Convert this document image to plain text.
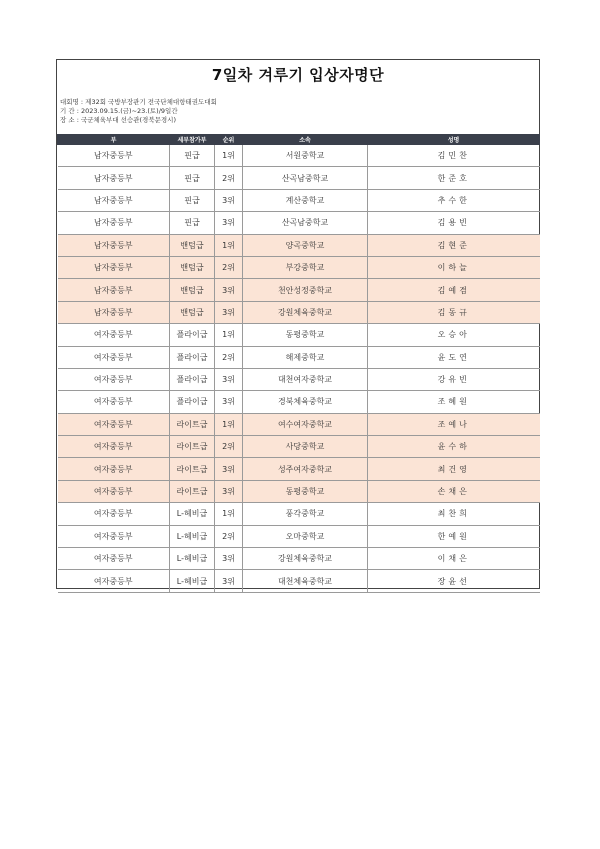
7일차 겨루기 입상자명단
대회명 : 제32회 국방부장관기 전국단체대항태권도대회
기 간 : 2023.09.15.(금)~23.(토)/9일간
장 소 : 국군체육부대 선승관(경북문경시)
부	세부참가부	순위	소속	성명
남자중등부	핀급	1위	서원중학교	김민찬
남자중등부	핀급	2위	산곡남중학교	한준호
남자중등부	핀급	3위	계산중학교	추수한
남자중등부	핀급	3위	산곡남중학교	김용빈
남자중등부	밴텀급	1위	양곡중학교	김현준
남자중등부	밴텀급	2위	부강중학교	이하늘
남자중등부	밴텀급	3위	천안성정중학교	김예겸
남자중등부	밴텀급	3위	강원체육중학교	김동규
여자중등부	플라이급	1위	동평중학교	오승아
여자중등부	플라이급	2위	해제중학교	윤도연
여자중등부	플라이급	3위	대천여자중학교	강유빈
여자중등부	플라이급	3위	경북체육중학교	조혜원
여자중등부	라이트급	1위	여수여자중학교	조예나
여자중등부	라이트급	2위	사당중학교	윤수하
여자중등부	라이트급	3위	성주여자중학교	최건영
여자중등부	라이트급	3위	동평중학교	손채은
여자중등부	L-헤비급	1위	풍각중학교	최찬희
여자중등부	L-헤비급	2위	오마중학교	한예원
여자중등부	L-헤비급	3위	강원체육중학교	이채은
여자중등부	L-헤비급	3위	대천체육중학교	장윤선
